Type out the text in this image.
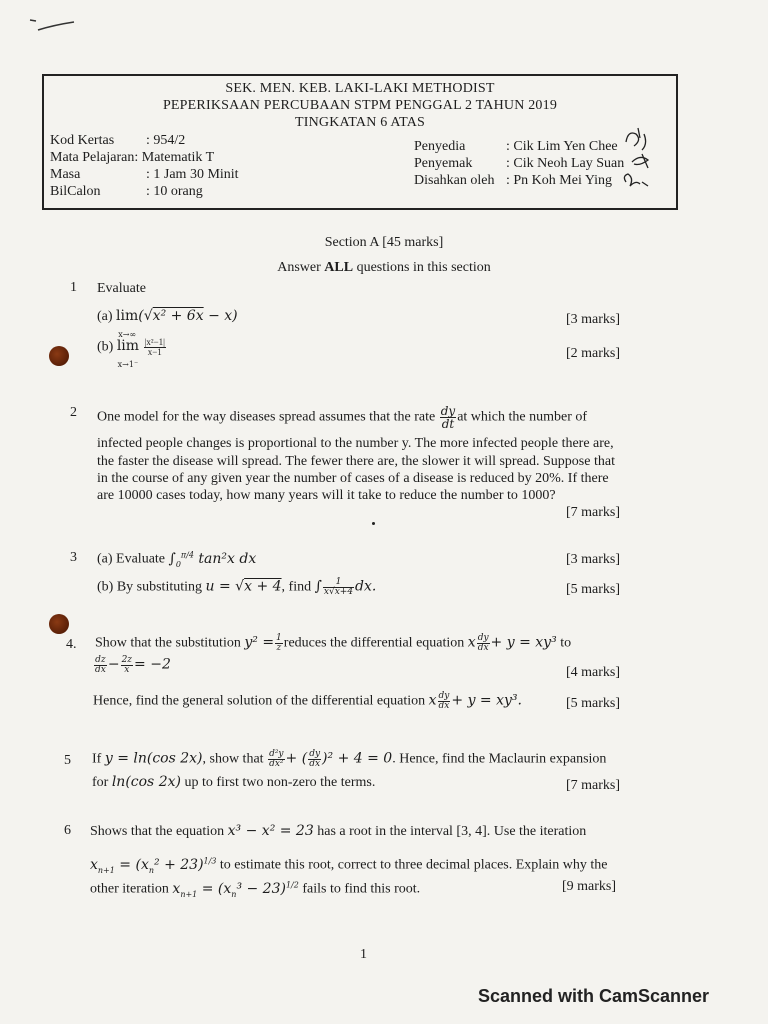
SEK. MEN. KEB. LAKI-LAKI METHODIST
PEPERIKSAAN PERCUBAAN STPM PENGGAL 2 TAHUN 2019
TINGKATAN 6 ATAS
Kod Kertas	: 954/2
Mata Pelajaran:
Matematik T
Masa	: 1 Jam 30 Minit
BilCalon	: 10 orang
Penyedia	: Cik Lim Yen Chee
Penyemak	: Cik Neoh Lay Suan
Disahkan oleh : Pn Koh Mei Ying
Section A [45 marks]
Answer ALL questions in this section
1 Evaluate
(a) lim
x→∞(√x² + 6x − x)	[3 marks]
(b) lim
x→1⁻
$\frac{\text{|x²−1|}}{x-1}$	[2 marks]
2 One model for the way diseases spread assumes that the rate $\frac{dy}{dt}$ at which the number of
infected people changes is proportional to the number y. The more infected people there are,
the faster the disease will spread. The fewer there are, the slower it will spread. Suppose that
in the course of any given year the number of cases of a disease is reduced by 20%. If there
are 10000 cases today, how many years will it take to reduce the number to 1000?
[7 marks]
3 (a) Evaluate $\int_0^{\pi/4}$ tan²x dx	[3 marks]
(b) By substituting u = √x + 4, find ∫ $\frac{1}{x√x+4}$ dx.	[5 marks]
4. Show that the substitution $y^2 = \frac{1}{z}$ reduces the differential equation x $\frac{dy}{dx} + y = xy^3$ to
$\frac{dz}{dx} - \frac{2z}{x} = -2$	[4 marks]
Hence, find the general solution of the differential equation x $\frac{dy}{dx} + y = xy^3$.	[5 marks]
5 If y = ln(cos 2x), show that $\frac{\text{d²y}}{\text{dx²}}$ + ( $\frac{dy}{dx} )^2 + 4 = 0$. Hence, find the Maclaurin expansion
for ln(cos 2x) up to first two non-zero the terms.	[7 marks]
6 Shows that the equation x³ − x² = 23 has a root in the interval [3, 4]. Use the iteration
$x_{n+1} = (x_n^2 + 23)^{1/3}$ to estimate this root, correct to three decimal places. Explain why the
other iteration $x_{n+1} = (x_n^3 - 23)^{1/2}$ fails to find this root.	[9 marks]
1
Scanned with CamScanner
